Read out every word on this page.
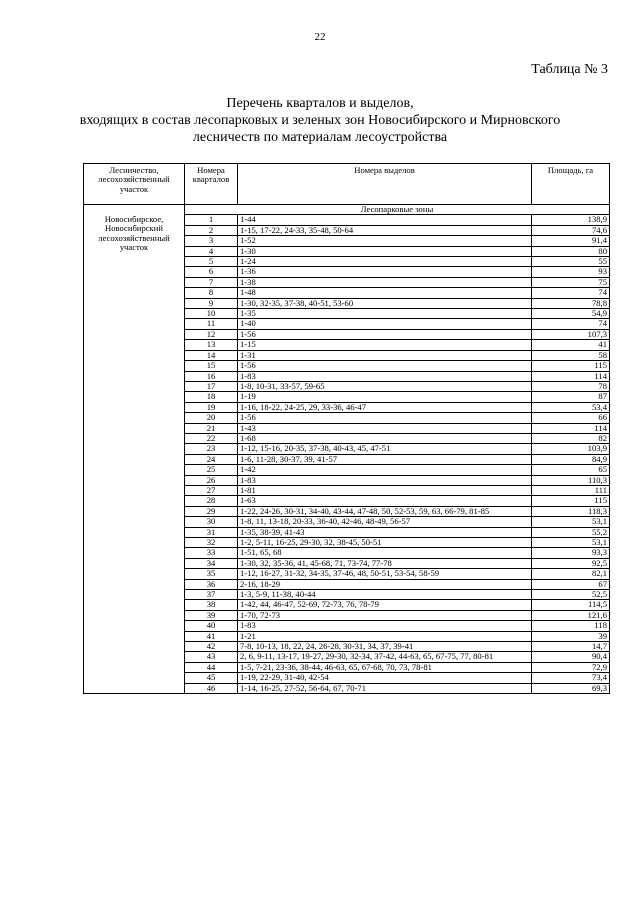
22
Таблица № 3
Перечень кварталов и выделов,
входящих в состав лесопарковых и зеленых зон Новосибирского и Мирновского
лесничеств по материалам лесоустройства
Лесничество, лесохозяйственный участок	Номера кварталов	Номера выделов	Площадь, га
	Лесопарковые зоны		
Новосибирское, Новосибирский лесохозяйственный участок	1	1-44	138,9
	2	1-15, 17-22, 24-33, 35-48, 50-64	74,6
	3	1-52	91,4
	4	1-30	80
	5	1-24	55
	6	1-36	93
	7	1-38	75
	8	1-48	74
	9	1-30, 32-35, 37-38, 40-51, 53-60	78,8
	10	1-35	54,9
	11	1-40	74
	12	1-56	107,3
	13	1-15	41
	14	1-31	58
	15	1-56	115
	16	1-83	114
	17	1-8, 10-31, 33-57, 59-65	78
	18	1-19	87
	19	1-16, 18-22, 24-25, 29, 33-36, 46-47	53,4
	20	1-56	66
	21	1-43	114
	22	1-68	82
	23	1-12, 15-16, 20-35, 37-38, 40-43, 45, 47-51	103,9
	24	1-6, 11-28, 30-37, 39, 41-57	84,9
	25	1-42	65
	26	1-83	110,3
	27	1-81	111
	28	1-63	115
	29	1-22, 24-26, 30-31, 34-40, 43-44, 47-48, 50, 52-53, 59, 63, 66-79, 81-85	118,3
	30	1-8, 11, 13-18, 20-33, 36-40, 42-46, 48-49, 56-57	53,1
	31	1-35, 38-39, 41-43	55,2
	32	1-2, 5-11, 16-25, 29-30, 32, 38-45, 50-51	53,1
	33	1-51, 65, 68	93,3
	34	1-30, 32, 35-36, 41, 45-68, 71, 73-74, 77-78	92,5
	35	1-12, 16-27, 31-32, 34-35, 37-46, 48, 50-51, 53-54, 58-59	82,1
	36	2-16, 18-29	67
	37	1-3, 5-9, 11-38, 40-44	52,5
	38	1-42, 44, 46-47, 52-69, 72-73, 76, 78-79	114,5
	39	1-70, 72-73	121,6
	40	1-83	118
	41	1-21	39
	42	7-8, 10-13, 18, 22, 24, 26-28, 30-31, 34, 37, 39-41	14,7
	43	2, 6, 9-11, 13-17, 19-27, 29-30, 32-34, 37-42, 44-63, 65, 67-75, 77, 80-81	90,4
	44	1-5, 7-21, 23-36, 38-44, 46-63, 65, 67-68, 70, 73, 78-81	72,9
	45	1-19, 22-29, 31-40, 42-54	73,4
	46	1-14, 16-25, 27-52, 56-64, 67, 70-71	69,3
